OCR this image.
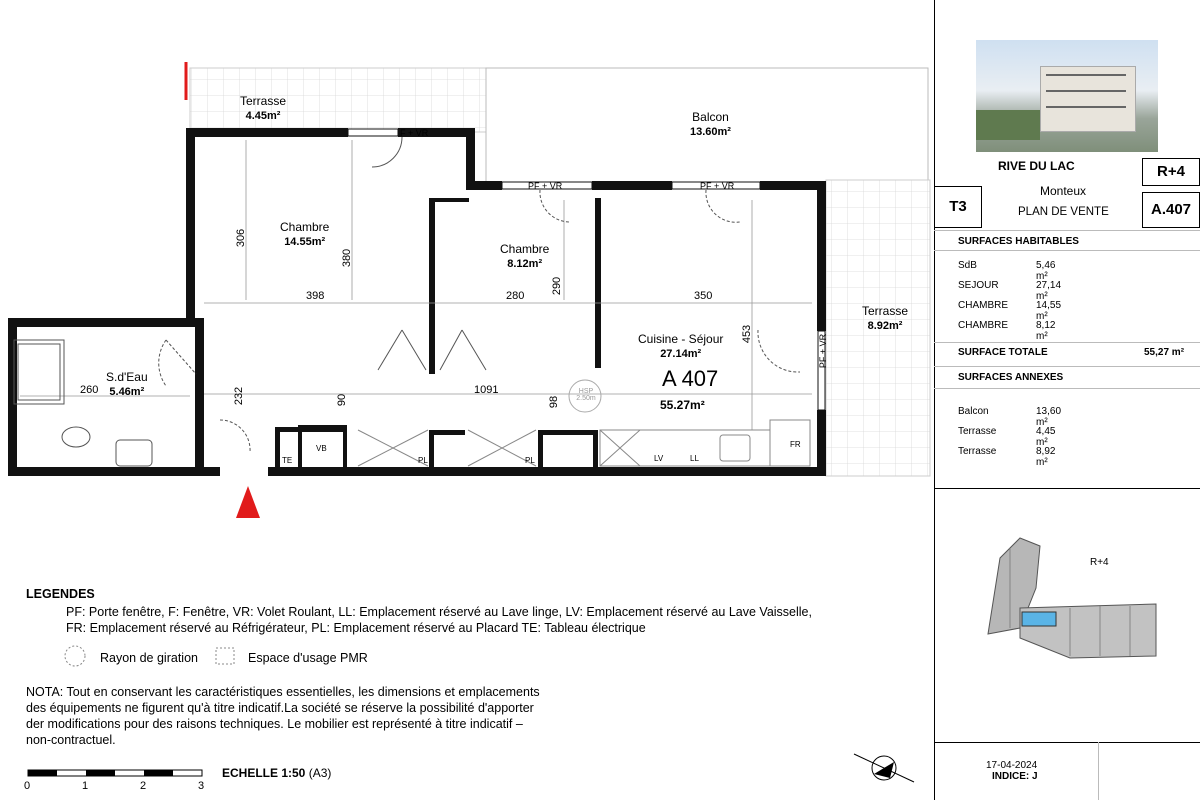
Terrasse
4.45m²	Balcon
13.60m²
Chambre
14.55m²	Chambre
8.12m²
Cuisine - Séjour
27.14m²
S.d'Eau
5.46m²
Terrasse
8.92m²
A 407
55.27m²
HSP
2.50m
F + VR
PF + VR	PF + VR
PF + VR
TE
VB
PL	PL	LV	LL
FR
306
380
398	280
290
350
453
1091
260	232	90	98
LEGENDES
PF: Porte fenêtre, F: Fenêtre, VR: Volet Roulant, LL: Emplacement réservé au Lave linge, LV: Emplacement réservé au Lave Vaisselle,
FR: Emplacement réservé au Réfrigérateur, PL: Emplacement réservé au Placard TE: Tableau électrique
Rayon de giration	Espace d'usage PMR
NOTA: Tout en conservant les caractéristiques essentielles, les dimensions et emplacements
des équipements ne figurent qu'à titre indicatif.La société se réserve la possibilité d'apporter
der modifications pour des raisons techniques. Le mobilier est représenté à titre indicatif –
non-contractuel.
ECHELLE 1:50 (A3)
0	1	2	3
RIVE DU LAC	R+4
Monteux
T3	PLAN DE VENTE	A.407
SURFACES HABITABLES
SdB	5,46 m²
SEJOUR	27,14 m²
CHAMBRE	14,55 m²
CHAMBRE	8,12 m²
SURFACE TOTALE	55,27 m²
SURFACES ANNEXES
Balcon	13,60 m²
Terrasse	4,45 m²
Terrasse	8,92 m²
R+4
17-04-2024
INDICE: J
